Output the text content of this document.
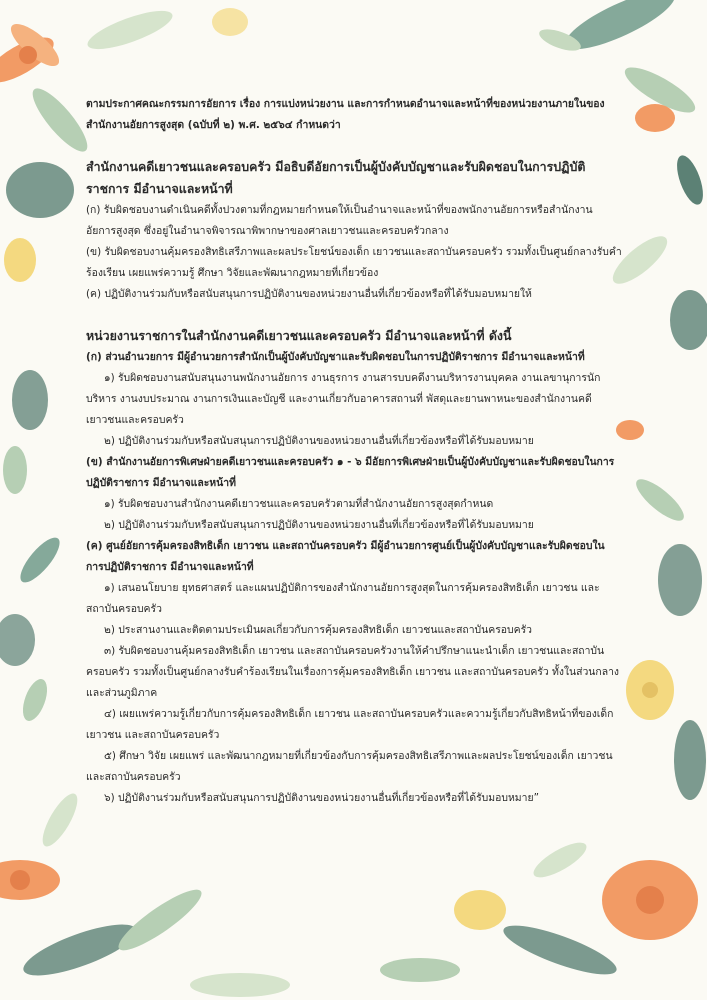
ตามประกาศคณะกรรมการอัยการ เรื่อง การแบ่งหน่วยงาน และการกำหนดอำนาจและหน้าที่ของหน่วยงานภายในของสำนักงานอัยการสูงสุด (ฉบับที่ ๒) พ.ศ. ๒๕๖๔ กำหนดว่า

สำนักงานคดีเยาวชนและครอบครัว มีอธิบดีอัยการเป็นผู้บังคับบัญชาและรับผิดชอบในการปฏิบัติราชการ มีอำนาจและหน้าที่

(ก) รับผิดชอบงานดำเนินคดีทั้งปวงตามที่กฎหมายกำหนดให้เป็นอำนาจและหน้าที่ของพนักงานอัยการหรือสำนักงานอัยการสูงสุด ซึ่งอยู่ในอำนาจพิจารณาพิพากษาของศาลเยาวชนและครอบครัวกลาง

(ข) รับผิดชอบงานคุ้มครองสิทธิเสรีภาพและผลประโยชน์ของเด็ก เยาวชนและสถาบันครอบครัว รวมทั้งเป็นศูนย์กลางรับคำร้องเรียน เผยแพร่ความรู้ ศึกษา วิจัยและพัฒนากฎหมายที่เกี่ยวข้อง

(ค) ปฏิบัติงานร่วมกับหรือสนับสนุนการปฏิบัติงานของหน่วยงานอื่นที่เกี่ยวข้องหรือที่ได้รับมอบหมายให้

หน่วยงานราชการในสำนักงานคดีเยาวชนและครอบครัว มีอำนาจและหน้าที่ ดังนี้

(ก) ส่วนอำนวยการ มีผู้อำนวยการสำนักเป็นผู้บังคับบัญชาและรับผิดชอบในการปฏิบัติราชการ มีอำนาจและหน้าที่

๑) รับผิดชอบงานสนับสนุนงานพนักงานอัยการ งานธุรการ งานสารบบคดีงานบริหารงานบุคคล งานเลขานุการนักบริหาร งานงบประมาณ งานการเงินและบัญชี และงานเกี่ยวกับอาคารสถานที่ พัสดุและยานพาหนะของสำนักงานคดีเยาวชนและครอบครัว

๒) ปฏิบัติงานร่วมกับหรือสนับสนุนการปฏิบัติงานของหน่วยงานอื่นที่เกี่ยวข้องหรือที่ได้รับมอบหมาย

(ข) สำนักงานอัยการพิเศษฝ่ายคดีเยาวชนและครอบครัว ๑ - ๖ มีอัยการพิเศษฝ่ายเป็นผู้บังคับบัญชาและรับผิดชอบในการปฏิบัติราชการ มีอำนาจและหน้าที่

๑) รับผิดชอบงานสำนักงานคดีเยาวชนและครอบครัวตามที่สำนักงานอัยการสูงสุดกำหนด

๒) ปฏิบัติงานร่วมกับหรือสนับสนุนการปฏิบัติงานของหน่วยงานอื่นที่เกี่ยวข้องหรือที่ได้รับมอบหมาย

(ค) ศูนย์อัยการคุ้มครองสิทธิเด็ก เยาวชน และสถาบันครอบครัว มีผู้อำนวยการศูนย์เป็นผู้บังคับบัญชาและรับผิดชอบในการปฏิบัติราชการ มีอำนาจและหน้าที่

๑) เสนอนโยบาย ยุทธศาสตร์ และแผนปฏิบัติการของสำนักงานอัยการสูงสุดในการคุ้มครองสิทธิเด็ก เยาวชน และสถาบันครอบครัว

๒) ประสานงานและติดตามประเมินผลเกี่ยวกับการคุ้มครองสิทธิเด็ก เยาวชนและสถาบันครอบครัว

๓) รับผิดชอบงานคุ้มครองสิทธิเด็ก เยาวชน และสถาบันครอบครัวงานให้คำปรึกษาแนะนำเด็ก เยาวชนและสถาบันครอบครัว รวมทั้งเป็นศูนย์กลางรับคำร้องเรียนในเรื่องการคุ้มครองสิทธิเด็ก เยาวชน และสถาบันครอบครัว ทั้งในส่วนกลางและส่วนภูมิภาค

๔) เผยแพร่ความรู้เกี่ยวกับการคุ้มครองสิทธิเด็ก เยาวชน และสถาบันครอบครัวและความรู้เกี่ยวกับสิทธิหน้าที่ของเด็ก เยาวชน และสถาบันครอบครัว

๕) ศึกษา วิจัย เผยแพร่ และพัฒนากฎหมายที่เกี่ยวข้องกับการคุ้มครองสิทธิเสรีภาพและผลประโยชน์ของเด็ก เยาวชน และสถาบันครอบครัว

๖) ปฏิบัติงานร่วมกับหรือสนับสนุนการปฏิบัติงานของหน่วยงานอื่นที่เกี่ยวข้องหรือที่ได้รับมอบหมาย”
